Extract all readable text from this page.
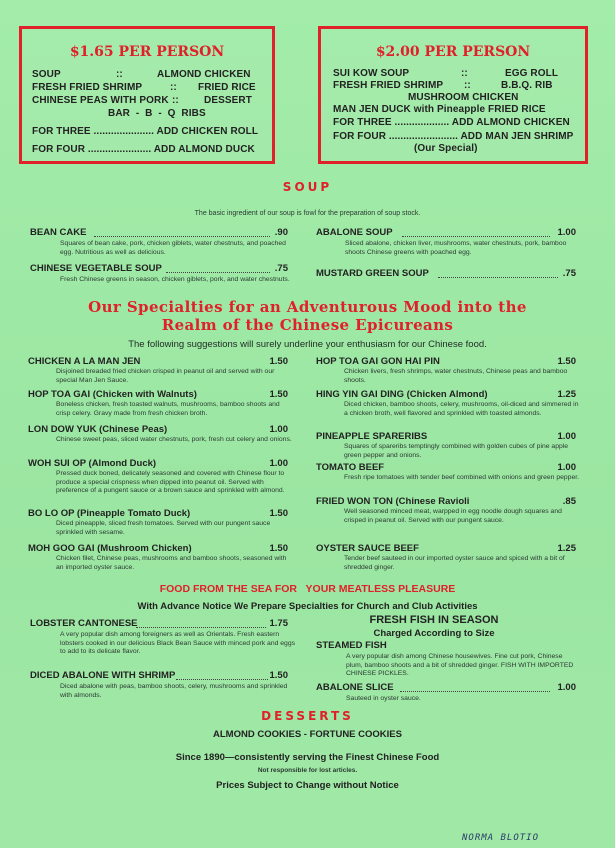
$1.65 PER PERSON
SOUP	::	ALMOND CHICKEN
FRESH FRIED SHRIMP	:: FRIED RICE
CHINESE PEAS WITH PORK ::	DESSERT
BAR - B - Q RIBS
FOR THREE ..................... ADD CHICKEN ROLL
FOR FOUR ...................... ADD ALMOND DUCK
$2.00 PER PERSON
SUI KOW SOUP	::	EGG ROLL
FRESH FRIED SHRIMP ::	B.B.Q. RIB
MUSHROOM CHICKEN
MAN JEN DUCK with Pineapple FRIED RICE
FOR THREE ................... ADD ALMOND CHICKEN
FOR FOUR ........................ ADD MAN JEN SHRIMP
(Our Special)
SOUP
The basic ingredient of our soup is fowl for the preparation of soup stock.
BEAN CAKE	.90
Squares of bean cake, pork, chicken giblets, water chestnuts, and poached egg. Nutritious as well as delicious.
CHINESE VEGETABLE SOUP	.75
Fresh Chinese greens in season, chicken giblets, pork, and water chestnuts.
ABALONE SOUP	1.00
Sliced abalone, chicken liver, mushrooms, water chestnuts, pork, bamboo shoots Chinese greens with poached egg.
MUSTARD GREEN SOUP	.75
Our Specialties for an Adventurous Mood into the
Realm of the Chinese Epicureans
The following suggestions will surely underline your enthusiasm for our Chinese food.
FOOD FROM THE SEA FOR   YOUR MEATLESS PLEASURE
With Advance Notice We Prepare Specialties for Church and Club Activities
LOBSTER CANTONESE	1.75
A very popular dish among foreigners as well as Orientals. Fresh eastern lobsters cooked in our delicious Black Bean Sauce with minced pork and eggs to add to its delicate flavor.
DICED ABALONE WITH SHRIMP	1.50
Diced abalone with peas, bamboo shoots, celery, mushrooms and sprinkled with almonds.
FRESH FISH IN SEASON
Charged According to Size
STEAMED FISH
A very popular dish among Chinese housewives. Fine cut pork, Chinese plum, bamboo shoots and a bit of shredded ginger. FISH WITH IMPORTED CHINESE PICKLES.
ABALONE SLICE	1.00
Sauteed in oyster sauce.
DESSERTS
ALMOND COOKIES - FORTUNE COOKIES
Since 1890—consistently serving the Finest Chinese Food
Not responsible for lost articles.
Prices Subject to Change without Notice
NORMA BLOTIO
CHICKEN A LA MAN JEN	1.50
Disjoined breaded fried chicken crisped in peanut oil and served with our special Man Jen Sauce.
HOP TOA GAI (Chicken with Walnuts)	1.50
Boneless chicken, fresh toasted walnuts, mushrooms, bamboo shoots and crisp celery. Gravy made from fresh chicken broth.
LON DOW YUK (Chinese Peas)	1.00
Chinese sweet peas, sliced water chestnuts, pork, fresh cut celery and onions.
WOH SUI OP (Almond Duck)	1.00
Pressed duck boned, delicately seasoned and covered with Chinese flour to produce a special crispness when dipped into peanut oil. Served with preference of a pungent sauce or a brown sauce and sprinkled with almond.
BO LO OP (Pineapple Tomato Duck)	1.50
Diced pineapple, sliced fresh tomatoes. Served with our pungent sauce sprinkled with sesame.
MOH GOO GAI (Mushroom Chicken)	1.50
Chicken filet, Chinese peas, mushrooms and bamboo shoots, seasoned with an imported oyster sauce.
HOP TOA GAI GON HAI PIN	1.50
Chicken livers, fresh shrimps, water chestnuts, Chinese peas and bamboo shoots.
HING YIN GAI DING (Chicken Almond)	1.25
Diced chicken, bamboo shoots, celery, mushrooms, oil-diced and simmered in a chicken broth, well flavored and sprinkled with toasted almonds.
PINEAPPLE SPARERIBS	1.00
Squares of spareribs temptingly combined with golden cubes of pine apple green pepper and onions.
TOMATO BEEF	1.00
Fresh ripe tomatoes with tender beef combined with onions and green pepper.
FRIED WON TON (Chinese Ravioli	.85
Well seasoned minced meat, warpped in egg noodle dough squares and crisped in peanut oil. Served with our pungent sauce.
OYSTER SAUCE BEEF	1.25
Tender beef sauteed in our imported oyster sauce and spiced with a bit of shredded ginger.
